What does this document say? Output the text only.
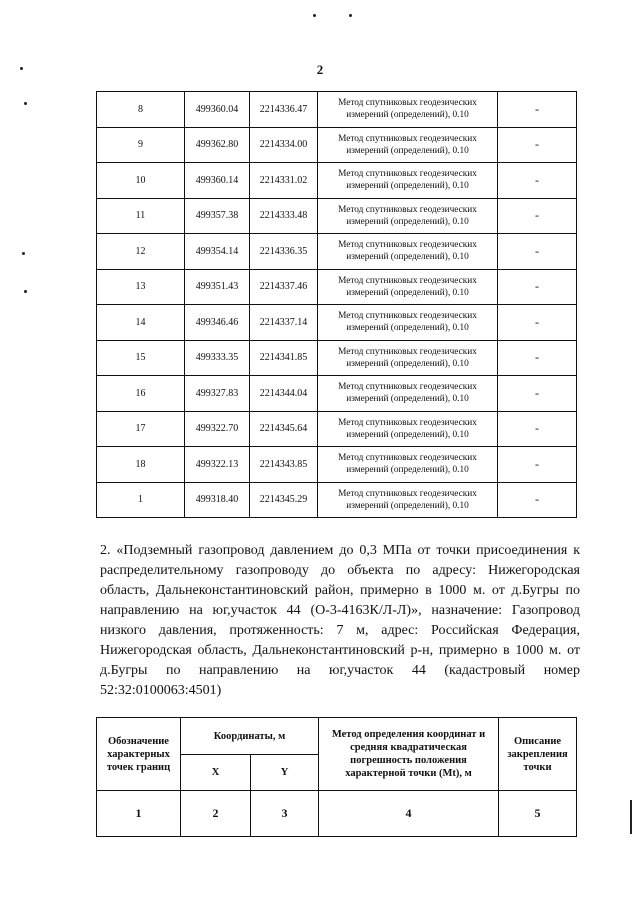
2
8	499360.04	2214336.47	Метод спутниковых геодезических измерений (определений), 0.10	-
9	499362.80	2214334.00	Метод спутниковых геодезических измерений (определений), 0.10	-
10	499360.14	2214331.02	Метод спутниковых геодезических измерений (определений), 0.10	-
11	499357.38	2214333.48	Метод спутниковых геодезических измерений (определений), 0.10	-
12	499354.14	2214336.35	Метод спутниковых геодезических измерений (определений), 0.10	-
13	499351.43	2214337.46	Метод спутниковых геодезических измерений (определений), 0.10	-
14	499346.46	2214337.14	Метод спутниковых геодезических измерений (определений), 0.10	-
15	499333.35	2214341.85	Метод спутниковых геодезических измерений (определений), 0.10	-
16	499327.83	2214344.04	Метод спутниковых геодезических измерений (определений), 0.10	-
17	499322.70	2214345.64	Метод спутниковых геодезических измерений (определений), 0.10	-
18	499322.13	2214343.85	Метод спутниковых геодезических измерений (определений), 0.10	-
1	499318.40	2214345.29	Метод спутниковых геодезических измерений (определений), 0.10	-
2. «Подземный газопровод давлением до 0,3 МПа от точки присоединения к распределительному газопроводу до объекта по адресу: Нижегородская область, Дальнеконстантиновский район, примерно в 1000 м. от д.Бугры по направлению на юг,участок 44 (О-3-4163К/Л-Л)», назначение: Газопровод низкого давления, протяженность: 7 м, адрес: Российская Федерация, Нижегородская область, Дальнеконстантиновский р-н, примерно в 1000 м. от д.Бугры по направлению на юг,участок 44 (кадастровый номер 52:32:0100063:4501)
Обозначение характерных точек границ	Координаты, м		Метод определения координат и средняя квадратическая погрешность положения характерной точки (Mt), м	Описание закрепления точки
	X	Y		
1	2	3	4	5
